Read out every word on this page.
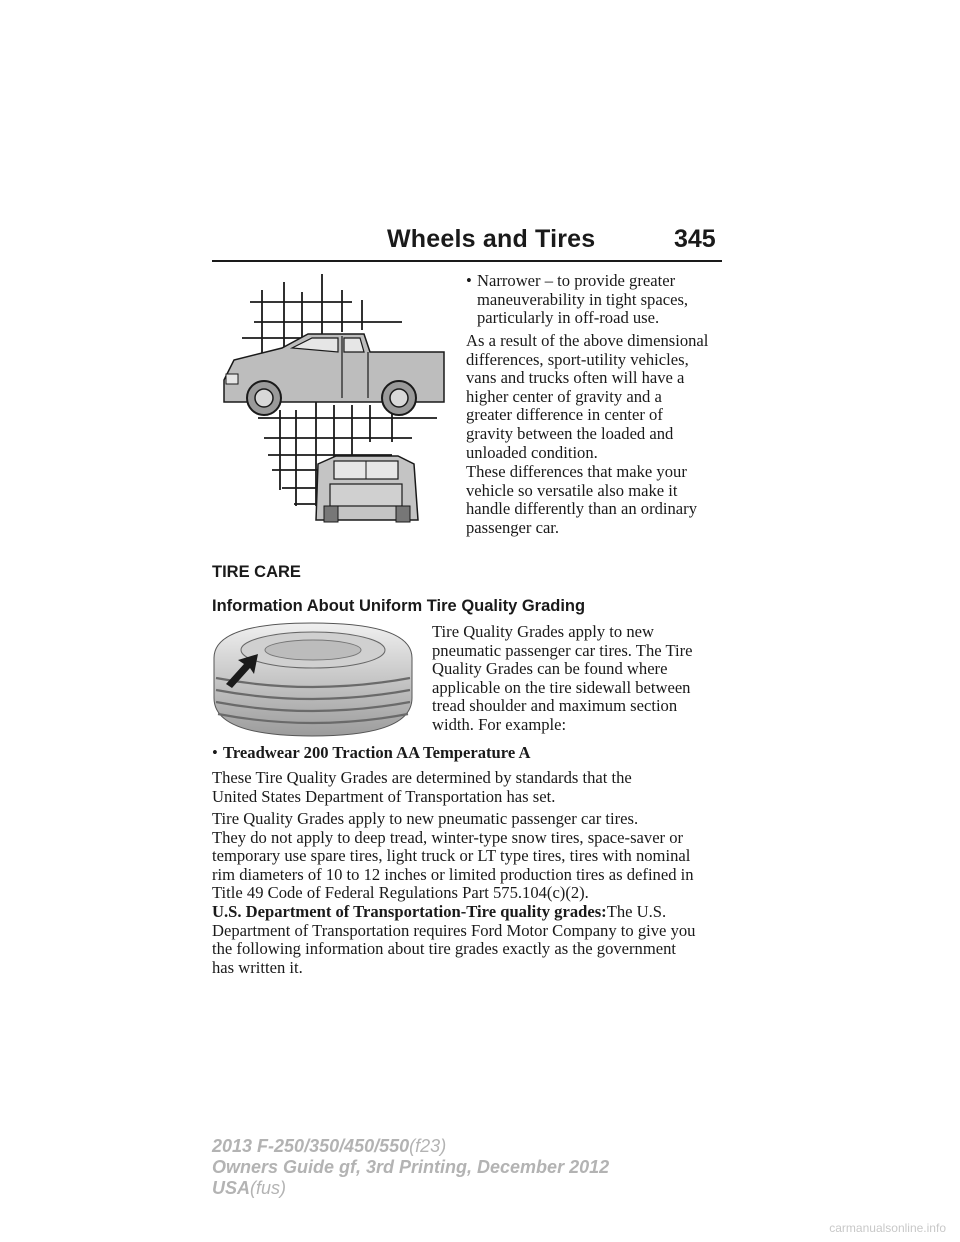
Wheels and Tires	345
• Narrower – to provide greater
maneuverability in tight spaces,
particularly in off-road use.
As a result of the above dimensional
differences, sport-utility vehicles,
vans and trucks often will have a
higher center of gravity and a
greater difference in center of
gravity between the loaded and
unloaded condition.
These differences that make your
vehicle so versatile also make it
handle differently than an ordinary
passenger car.
TIRE CARE
Information About Uniform Tire Quality Grading
Tire Quality Grades apply to new
pneumatic passenger car tires. The Tire
Quality Grades can be found where
applicable on the tire sidewall between
tread shoulder and maximum section
width. For example:
• Treadwear 200 Traction AA Temperature A
These Tire Quality Grades are determined by standards that the
United States Department of Transportation has set.
Tire Quality Grades apply to new pneumatic passenger car tires.
They do not apply to deep tread, winter-type snow tires, space-saver or
temporary use spare tires, light truck or LT type tires, tires with nominal
rim diameters of 10 to 12 inches or limited production tires as defined in
Title 49 Code of Federal Regulations Part 575.104(c)(2).
U.S. Department of Transportation-Tire quality grades:The U.S.
Department of Transportation requires Ford Motor Company to give you
the following information about tire grades exactly as the government
has written it.
2013 F-250/350/450/550(f23)
Owners Guide gf, 3rd Printing, December 2012
USA(fus)
carmanualsonline.info
